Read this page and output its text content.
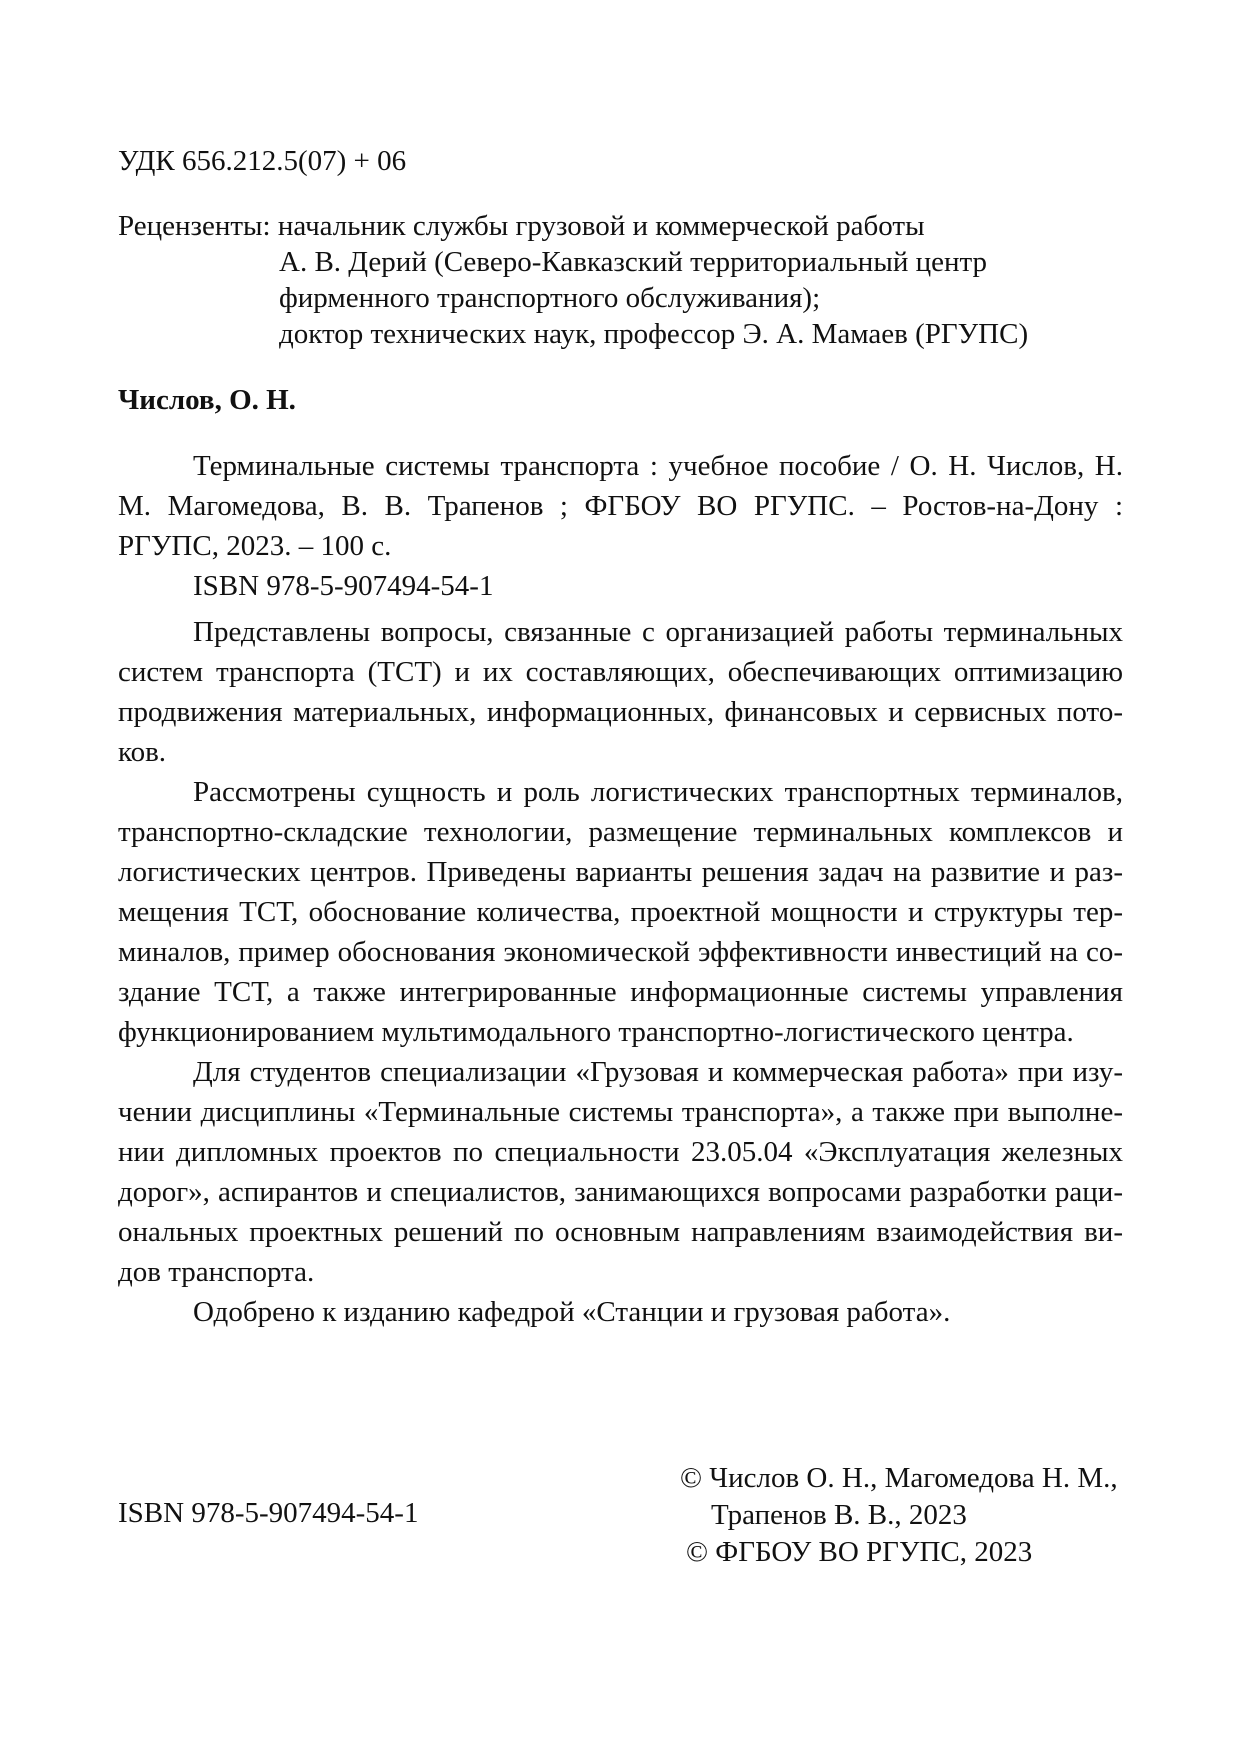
УДК 656.212.5(07) + 06
Рецензенты: начальник службы грузовой и коммерческой работы
А. В. Дерий (Северо-Кавказский территориальный центр
фирменного транспортного обслуживания);
доктор технических наук, профессор Э. А. Мамаев (РГУПС)
Числов, О. Н.

Терминальные системы транспорта : учебное пособие / О. Н. Числов, Н. М. Магомедова, В. В. Трапенов ; ФГБОУ ВО РГУПС. – Ростов-на-Дону : РГУПС, 2023. – 100 с.

ISBN 978-5-907494-54-1

Представлены вопросы, связанные с организацией работы терминальных систем транспорта (ТСТ) и их составляющих, обеспечивающих оптимизацию продвижения материальных, информационных, финансовых и сервисных потоков.

Рассмотрены сущность и роль логистических транспортных терминалов, транспортно-складские технологии, размещение терминальных комплексов и логистических центров. Приведены варианты решения задач на развитие и размещения ТСТ, обоснование количества, проектной мощности и структуры терминалов, пример обоснования экономической эффективности инвестиций на создание ТСТ, а также интегрированные информационные системы управления функционированием мультимодального транспортно-логистического центра.

Для студентов специализации «Грузовая и коммерческая работа» при изучении дисциплины «Терминальные системы транспорта», а также при выполнении дипломных проектов по специальности 23.05.04 «Эксплуатация железных дорог», аспирантов и специалистов, занимающихся вопросами разработки рациональных проектных решений по основным направлениям взаимодействия видов транспорта.

Одобрено к изданию кафедрой «Станции и грузовая работа».

ISBN 978-5-907494-54-1
© Числов О. Н., Магомедова Н. М.,
Трапенов В. В., 2023
© ФГБОУ ВО РГУПС, 2023
